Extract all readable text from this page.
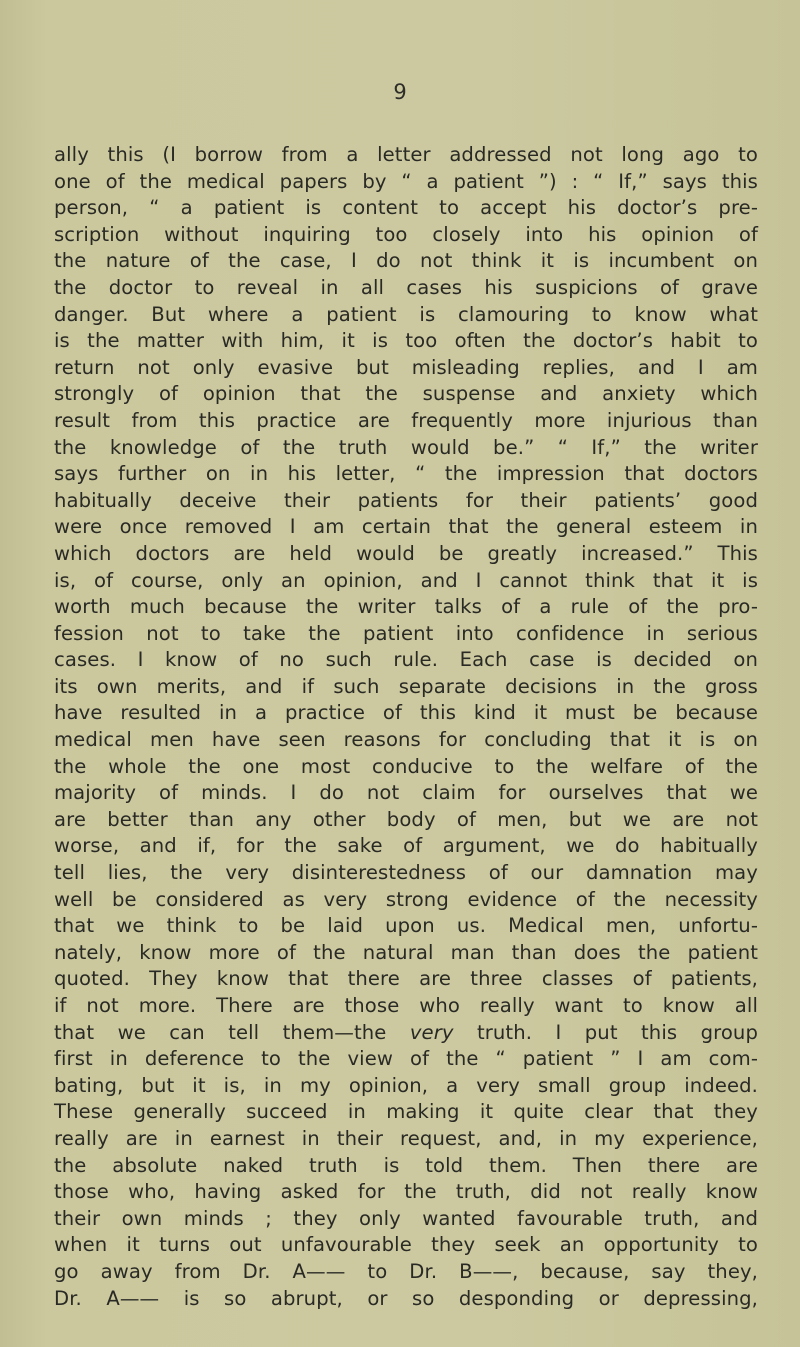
9
ally this (I borrow from a letter addressed not long ago to
one of the medical papers by “ a patient ”) : “ If,” says this
person, “ a patient is content to accept his doctor’s pre-
scription without inquiring too closely into his opinion of
the nature of the case, I do not think it is incumbent on
the doctor to reveal in all cases his suspicions of grave
danger. But where a patient is clamouring to know what
is the matter with him, it is too often the doctor’s habit to
return not only evasive but misleading replies, and I am
strongly of opinion that the suspense and anxiety which
result from this practice are frequently more injurious than
the knowledge of the truth would be.” “ If,” the writer
says further on in his letter, “ the impression that doctors
habitually deceive their patients for their patients’ good
were once removed I am certain that the general esteem in
which doctors are held would be greatly increased.” This
is, of course, only an opinion, and I cannot think that it is
worth much because the writer talks of a rule of the pro-
fession not to take the patient into confidence in serious
cases. I know of no such rule. Each case is decided on
its own merits, and if such separate decisions in the gross
have resulted in a practice of this kind it must be because
medical men have seen reasons for concluding that it is on
the whole the one most conducive to the welfare of the
majority of minds. I do not claim for ourselves that we
are better than any other body of men, but we are not
worse, and if, for the sake of argument, we do habitually
tell lies, the very disinterestedness of our damnation may
well be considered as very strong evidence of the necessity
that we think to be laid upon us. Medical men, unfortu-
nately, know more of the natural man than does the patient
quoted. They know that there are three classes of patients,
if not more. There are those who really want to know all
that we can tell them—the very truth. I put this group
first in deference to the view of the “ patient ” I am com-
bating, but it is, in my opinion, a very small group indeed.
These generally succeed in making it quite clear that they
really are in earnest in their request, and, in my experience,
the absolute naked truth is told them. Then there are
those who, having asked for the truth, did not really know
their own minds ; they only wanted favourable truth, and
when it turns out unfavourable they seek an opportunity to
go away from Dr. A—— to Dr. B——, because, say they,
Dr. A—— is so abrupt, or so desponding or depressing,
